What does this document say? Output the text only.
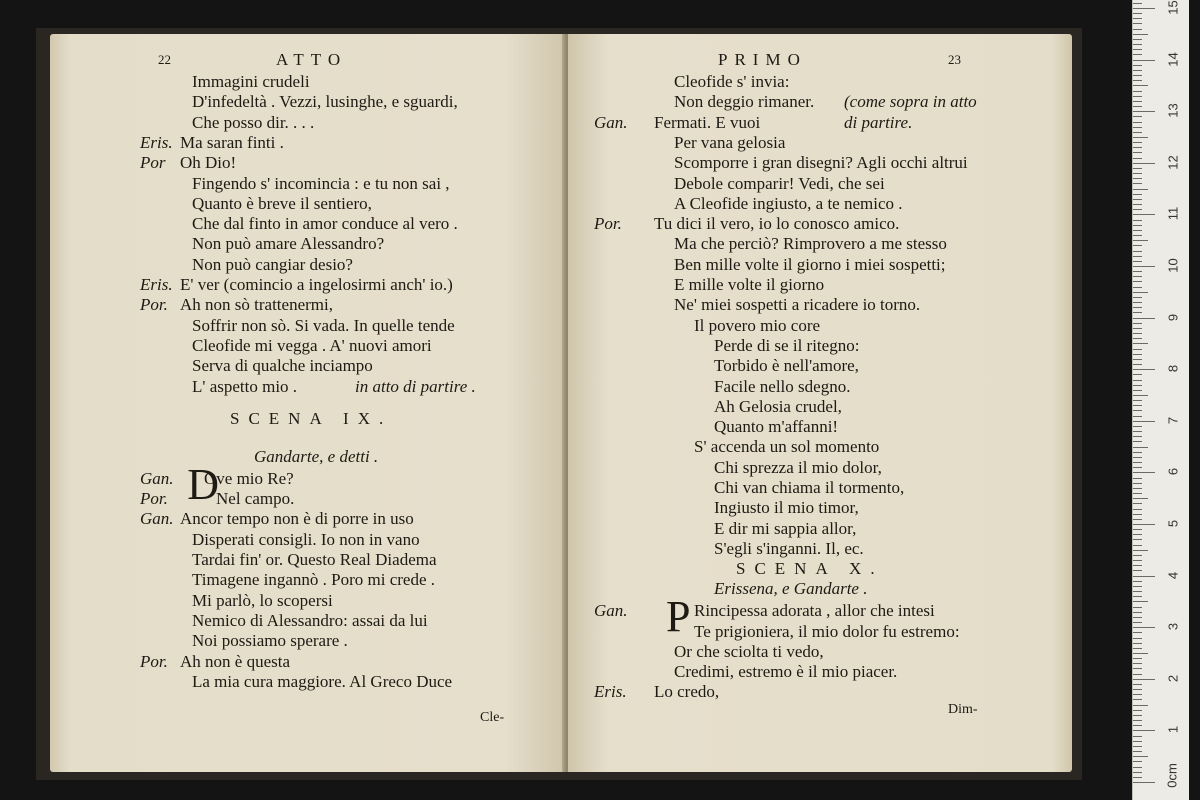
22	ATTO
Immagini crudeli
D'infedeltà . Vezzi, lusinghe, e sguardi,
Che posso dir. . . .
Eris. Ma saran finti .
Por Oh Dio!
Fingendo s' incomincia : e tu non sai ,
Quanto è breve il sentiero,
Che dal finto in amor conduce al vero .
Non può amare Alessandro?
Non può cangiar desio?
Eris. E' ver (comincio a ingelosirmi anch' io.)
Por. Ah non sò trattenermi,
Soffrir non sò. Si vada. In quelle tende
Cleofide mi vegga . A' nuovi amori
Serva di qualche inciampo
L' aspetto mio .	in atto di partire .
SCENA IX.
Gandarte, e detti .
Gan. D
Ove mio Re?
Por.	Nel campo.
Gan. Ancor tempo non è di porre in uso
Disperati consigli. Io non in vano
Tardai fin' or. Questo Real Diadema
Timagene ingannò . Poro mi crede .
Mi parlò, lo scopersi
Nemico di Alessandro: assai da lui
Noi possiamo sperare .
Por. Ah non è questa
La mia cura maggiore. Al Greco Duce
Cle-
PRIMO	23
Cleofide s' invia:
Non deggio rimaner. (come sopra in atto
Gan. Fermati. E vuoi	di partire.
Per vana gelosia
Scomporre i gran disegni? Agli occhi altrui
Debole comparir! Vedi, che sei
A Cleofide ingiusto, a te nemico .
Por. Tu dici il vero, io lo conosco amico.
Ma che perciò? Rimprovero a me stesso
Ben mille volte il giorno i miei sospetti;
E mille volte il giorno
Ne' miei sospetti a ricadere io torno.
Il povero mio core
Perde di se il ritegno:
Torbido è nell'amore,
Facile nello sdegno.
Ah Gelosia crudel,
Quanto m'affanni!
S' accenda un sol momento
Chi sprezza il mio dolor,
Chi van chiama il tormento,
Ingiusto il mio timor,
E dir mi sappia allor,
S'egli s'inganni. Il, ec.
SCENA X.
Erissena, e Gandarte .
Gan. P Rincipessa adorata , allor che intesi
Te prigioniera, il mio dolor fu estremo:
Or che sciolta ti vedo,
Credimi, estremo è il mio piacer.
Eris. Lo credo,
Dim-
0cm
1
2
3
4
5
6
7
8
9
10
11
12
13
14
15
